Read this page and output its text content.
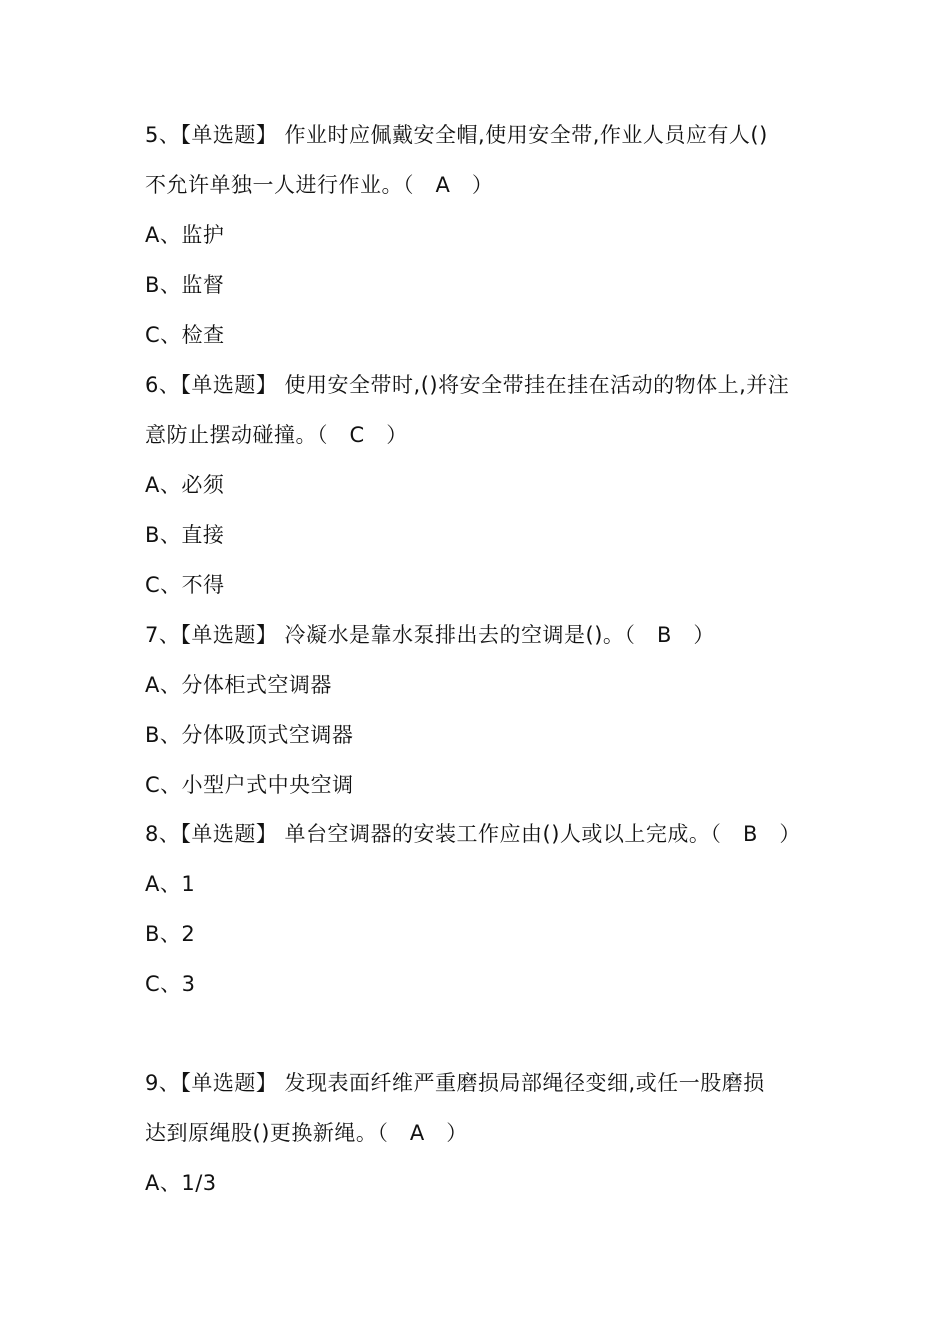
5、【单选题】 作业时应佩戴安全帽,使用安全带,作业人员应有人()
不允许单独一人进行作业。（   A   ）
A、监护
B、监督
C、检查
6、【单选题】 使用安全带时,()将安全带挂在挂在活动的物体上,并注
意防止摆动碰撞。（   C   ）
A、必须
B、直接
C、不得
7、【单选题】 冷凝水是靠水泵排出去的空调是()。（   B   ）
A、分体柜式空调器
B、分体吸顶式空调器
C、小型户式中央空调
8、【单选题】 单台空调器的安装工作应由()人或以上完成。（   B   ）
A、1
B、2
C、3
9、【单选题】 发现表面纤维严重磨损局部绳径变细,或任一股磨损
达到原绳股()更换新绳。（   A   ）
A、1/3
